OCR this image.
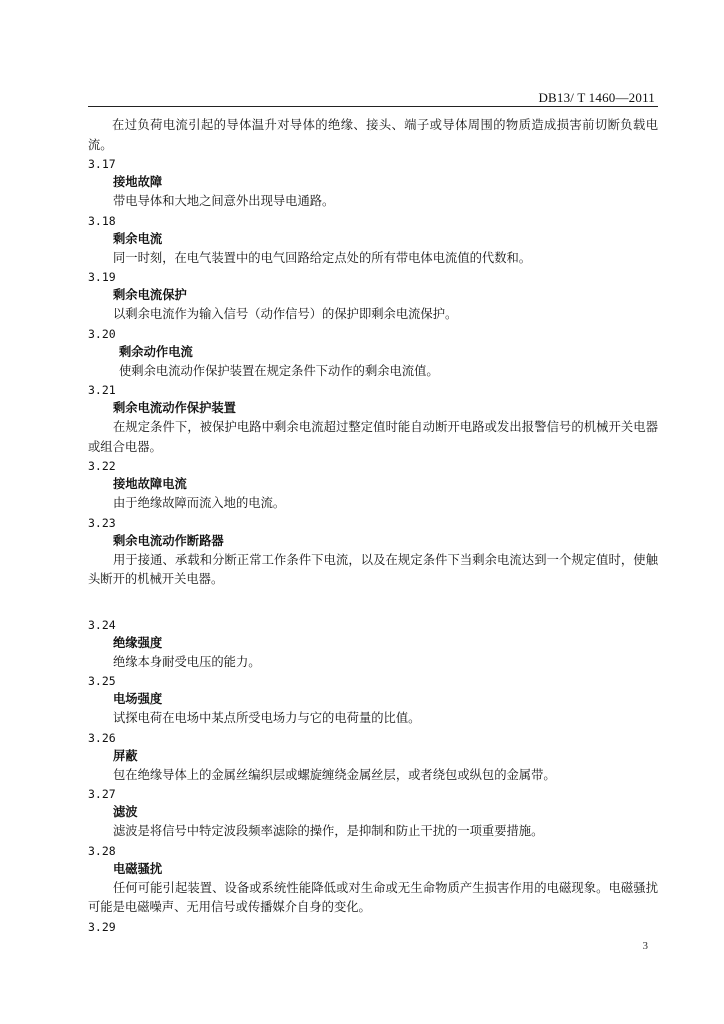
DB13/ T 1460—2011
在过负荷电流引起的导体温升对导体的绝缘、接头、端子或导体周围的物质造成损害前切断负载电流。
3.17
接地故障
带电导体和大地之间意外出现导电通路。
3.18
剩余电流
同一时刻，在电气装置中的电气回路给定点处的所有带电体电流值的代数和。
3.19
剩余电流保护
以剩余电流作为输入信号（动作信号）的保护即剩余电流保护。
3.20
剩余动作电流
使剩余电流动作保护装置在规定条件下动作的剩余电流值。
3.21
剩余电流动作保护装置
在规定条件下，被保护电路中剩余电流超过整定值时能自动断开电路或发出报警信号的机械开关电器或组合电器。
3.22
接地故障电流
由于绝缘故障而流入地的电流。
3.23
剩余电流动作断路器
用于接通、承载和分断正常工作条件下电流，以及在规定条件下当剩余电流达到一个规定值时，使触头断开的机械开关电器。
3.24
绝缘强度
绝缘本身耐受电压的能力。
3.25
电场强度
试探电荷在电场中某点所受电场力与它的电荷量的比值。
3.26
屏蔽
包在绝缘导体上的金属丝编织层或螺旋缠绕金属丝层，或者绕包或纵包的金属带。
3.27
滤波
滤波是将信号中特定波段频率滤除的操作，是抑制和防止干扰的一项重要措施。
3.28
电磁骚扰
任何可能引起装置、设备或系统性能降低或对生命或无生命物质产生损害作用的电磁现象。电磁骚扰可能是电磁噪声、无用信号或传播媒介自身的变化。
3.29
3
